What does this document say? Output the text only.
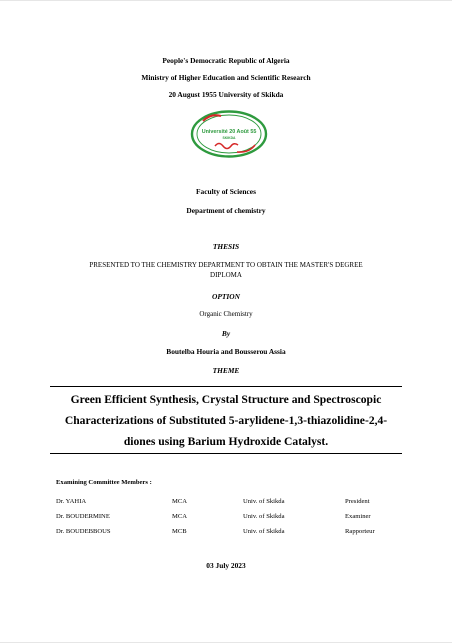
People's Democratic Republic of Algeria
Ministry of Higher Education and Scientific Research
20 August 1955 University of Skikda
Université 20 Août 55
SKIKDA
Faculty of Sciences
Department of chemistry
THESIS
PRESENTED TO THE CHEMISTRY DEPARTMENT TO OBTAIN THE MASTER'S DEGREE
DIPLOMA
OPTION
Organic Chemistry
By
Boutelba Houria and Bousserou Assia
THEME
Green Efficient Synthesis, Crystal Structure and Spectroscopic
Characterizations of Substituted 5-arylidene-1,3-thiazolidine-2,4-
diones using Barium Hydroxide Catalyst.
Examining Committee Members :
Dr. YAHIA	MCA	Univ. of Skikda	President
Dr. BOUDERMINE	MCA	Univ. of Skikda	Examiner
Dr. BOUDEBBOUS	MCB	Univ. of Skikda	Rapporteur
03 July 2023
